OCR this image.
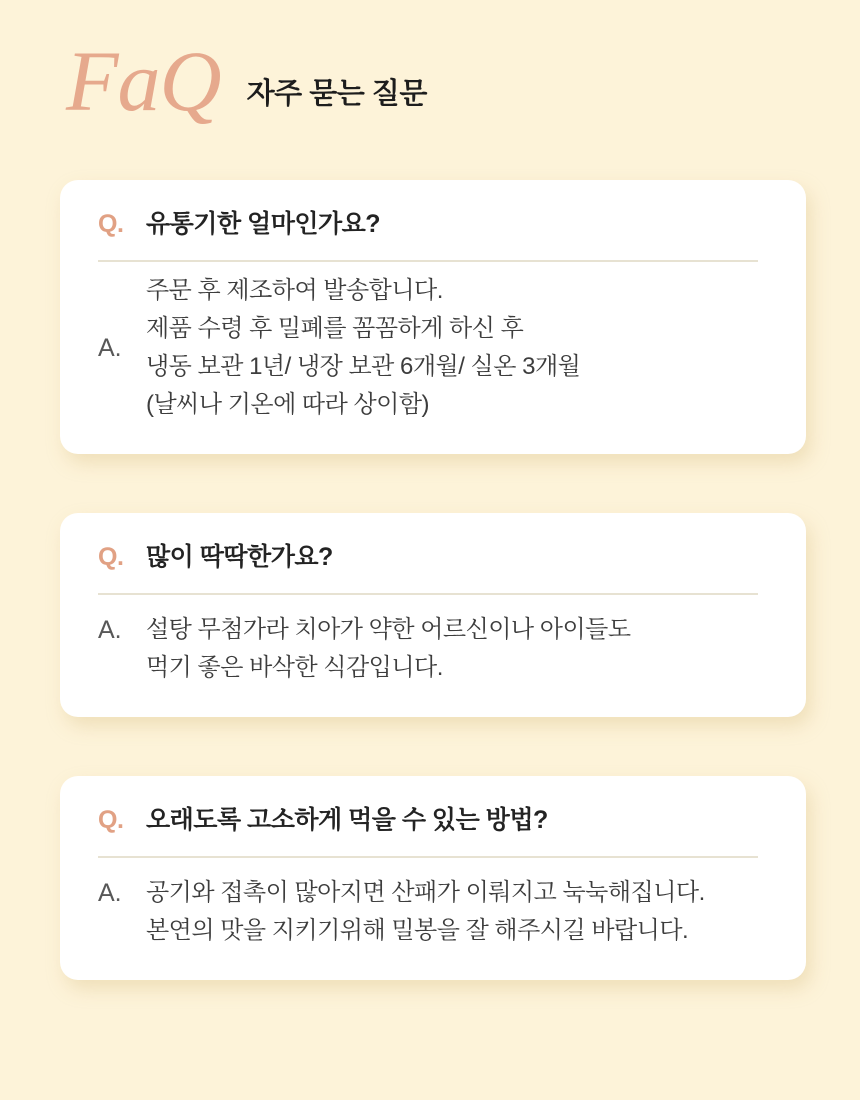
FaQ 자주 묻는 질문
Q. 유통기한 얼마인가요?
A.
주문 후 제조하여 발송합니다.
제품 수령 후 밀폐를 꼼꼼하게 하신 후
냉동 보관 1년/ 냉장 보관 6개월/ 실온 3개월
(날씨나 기온에 따라 상이함)
Q. 많이 딱딱한가요?
A.	설탕 무첨가라 치아가 약한 어르신이나 아이들도
먹기 좋은 바삭한 식감입니다.
Q. 오래도록 고소하게 먹을 수 있는 방법?
A.	공기와 접촉이 많아지면 산패가 이뤄지고 눅눅해집니다.
본연의 맛을 지키기위해 밀봉을 잘 해주시길 바랍니다.
